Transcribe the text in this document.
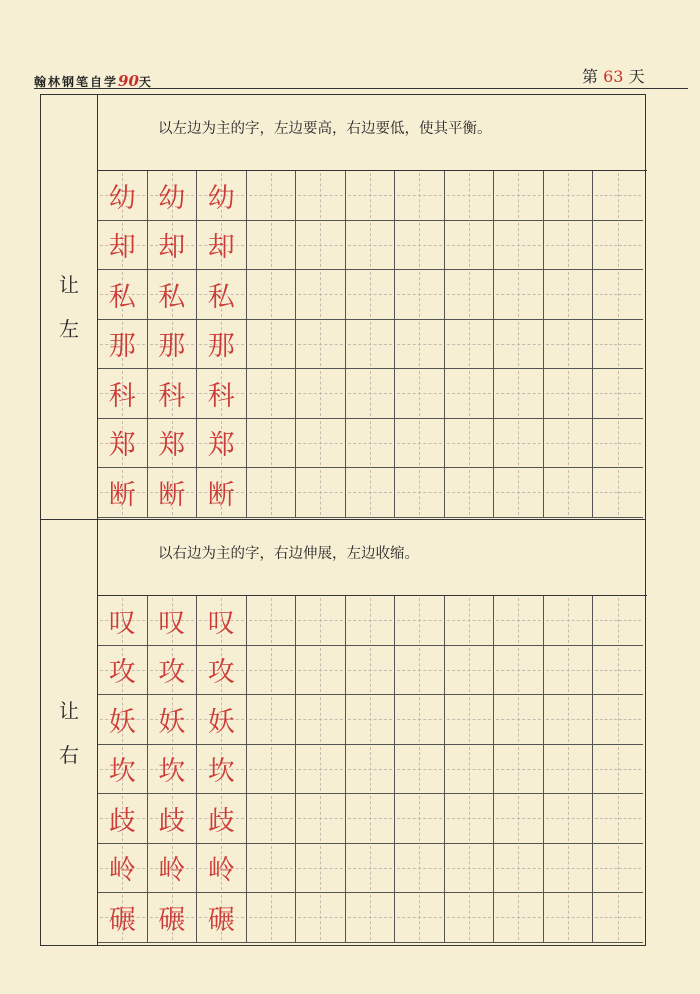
翰林钢笔自学90天	第 63 天
让
左
以左边为主的字，左边要高，右边要低，使其平衡。
幼 幼 幼
却 却 却
私 私 私
那 那 那
科 科 科
郑 郑 郑
断 断 断
让
右
以右边为主的字，右边伸展，左边收缩。
叹 叹 叹
攻 攻 攻
妖 妖 妖
坎 坎 坎
歧 歧 歧
岭 岭 岭
碾 碾 碾
